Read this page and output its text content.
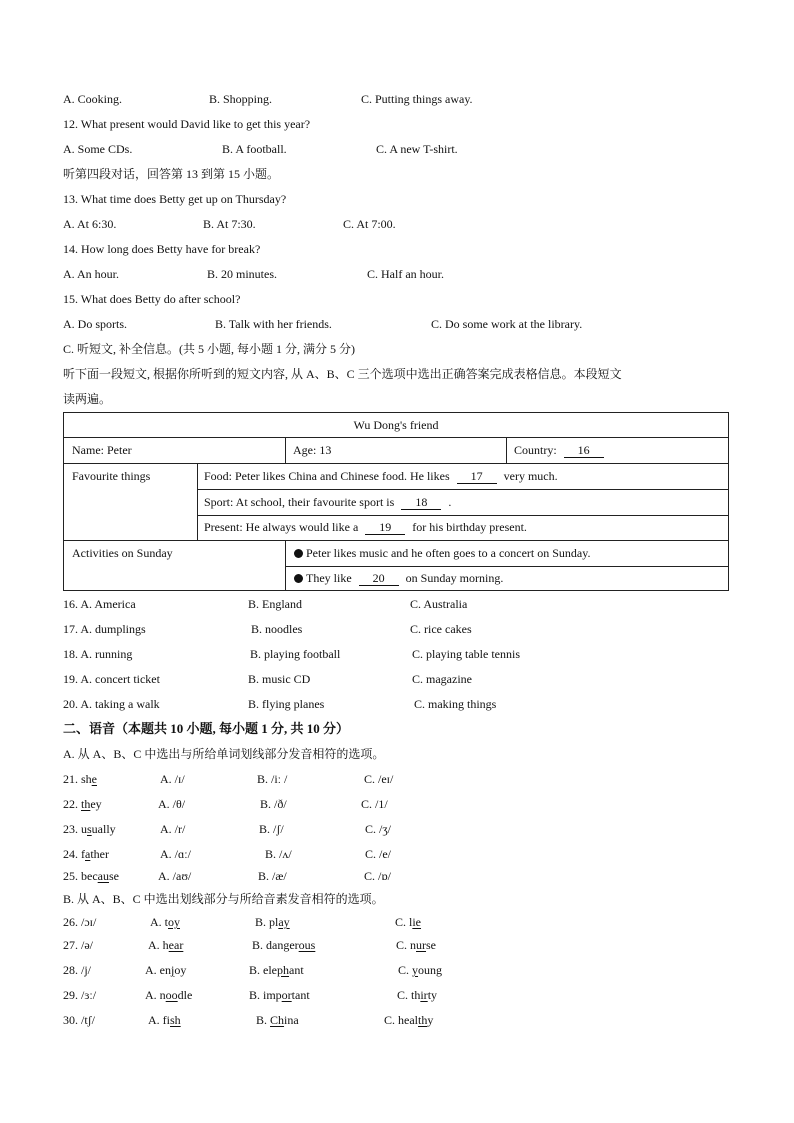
A. Cooking.	B. Shopping.	C. Putting things away.
12. What present would David like to get this year?
A. Some CDs.	B. A football.	C. A new T-shirt.
听第四段对话，回答第 13 到第 15 小题。
13. What time does Betty get up on Thursday?
A. At 6:30.	B. At 7:30.	C. At 7:00.
14. How long does Betty have for break?
A. An hour.	B. 20 minutes.	C. Half an hour.
15. What does Betty do after school?
A. Do sports.	B. Talk with her friends.	C. Do some work at the library.
C. 听短文, 补全信息。(共 5 小题, 每小题 1 分, 满分 5 分)
听下面一段短文, 根据你所听到的短文内容, 从 A、B、C 三个选项中选出正确答案完成表格信息。本段短文
读两遍。
Wu Dong's friend
Name: Peter	Age: 13	Country: 16
Favourite things	Food: Peter likes China and Chinese food. He likes 17 very much.
Sport: At school, their favourite sport is 18 .
Present: He always would like a 19 for his birthday present.
Activities on Sunday	Peter likes music and he often goes to a concert on Sunday.
They like 20 on Sunday morning.
16. A. America	B. England	C. Australia
17. A. dumplings	B. noodles	C. rice cakes
18. A. running	B. playing football	C. playing table tennis
19. A. concert ticket	B. music CD	C. magazine
20. A. taking a walk	B. flying planes	C. making things
二、语音（本题共 10 小题, 每小题 1 分, 共 10 分）
A. 从 A、B、C 中选出与所给单词划线部分发音相符的选项。
21. she	A. /ɪ/	B. /iː /	C. /eɪ/
22. they	A. /θ/	B. /ð/	C. /1/
23. usually	A. /r/	B. /ʃ/	C. /ʒ/
24. father	A. /ɑː/	B. /ʌ/	C. /e/
25. because	A. /aʊ/	B. /æ/	C. /ɒ/
B. 从 A、B、C 中选出划线部分与所给音素发音相符的选项。
26. /ɔɪ/	A. toy	B. play	C. lie
27. /ə/	A. hear	B. dangerous	C. nurse
28. /j/	A. enjoy	B. elephant	C. young
29. /ɜː/	A. noodle	B. important	C. thirty
30. /tʃ/	A. fish	B. China	C. healthy
